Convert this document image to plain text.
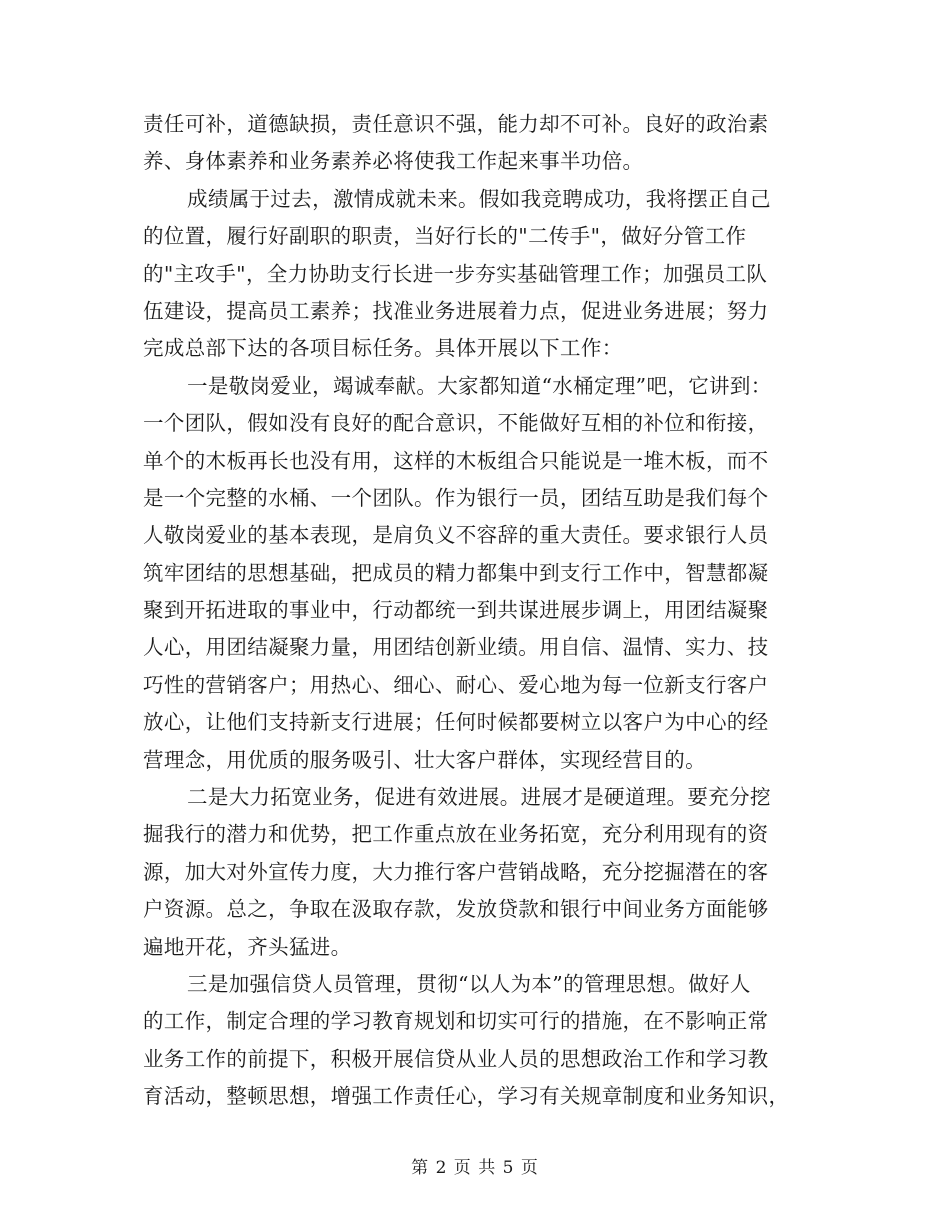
责任可补，道德缺损，责任意识不强，能力却不可补。良好的政治素
养、身体素养和业务素养必将使我工作起来事半功倍。
成绩属于过去，激情成就未来。假如我竞聘成功，我将摆正自己
的位置，履行好副职的职责，当好行长的"二传手"，做好分管工作
的"主攻手"，全力协助支行长进一步夯实基础管理工作；加强员工队
伍建设，提高员工素养；找准业务进展着力点，促进业务进展；努力
完成总部下达的各项目标任务。具体开展以下工作：
一是敬岗爱业，竭诚奉献。大家都知道“水桶定理”吧，它讲到：
一个团队，假如没有良好的配合意识，不能做好互相的补位和衔接，
单个的木板再长也没有用，这样的木板组合只能说是一堆木板，而不
是一个完整的水桶、一个团队。作为银行一员，团结互助是我们每个
人敬岗爱业的基本表现，是肩负义不容辞的重大责任。要求银行人员
筑牢团结的思想基础，把成员的精力都集中到支行工作中，智慧都凝
聚到开拓进取的事业中，行动都统一到共谋进展步调上，用团结凝聚
人心，用团结凝聚力量，用团结创新业绩。用自信、温情、实力、技
巧性的营销客户；用热心、细心、耐心、爱心地为每一位新支行客户
放心，让他们支持新支行进展；任何时候都要树立以客户为中心的经
营理念，用优质的服务吸引、壮大客户群体，实现经营目的。
二是大力拓宽业务，促进有效进展。进展才是硬道理。要充分挖
掘我行的潜力和优势，把工作重点放在业务拓宽，充分利用现有的资
源，加大对外宣传力度，大力推行客户营销战略，充分挖掘潜在的客
户资源。总之，争取在汲取存款，发放贷款和银行中间业务方面能够
遍地开花，齐头猛进。
三是加强信贷人员管理，贯彻“以人为本”的管理思想。做好人
的工作，制定合理的学习教育规划和切实可行的措施，在不影响正常
业务工作的前提下，积极开展信贷从业人员的思想政治工作和学习教
育活动，整顿思想，增强工作责任心，学习有关规章制度和业务知识，
第 2 页 共 5 页
